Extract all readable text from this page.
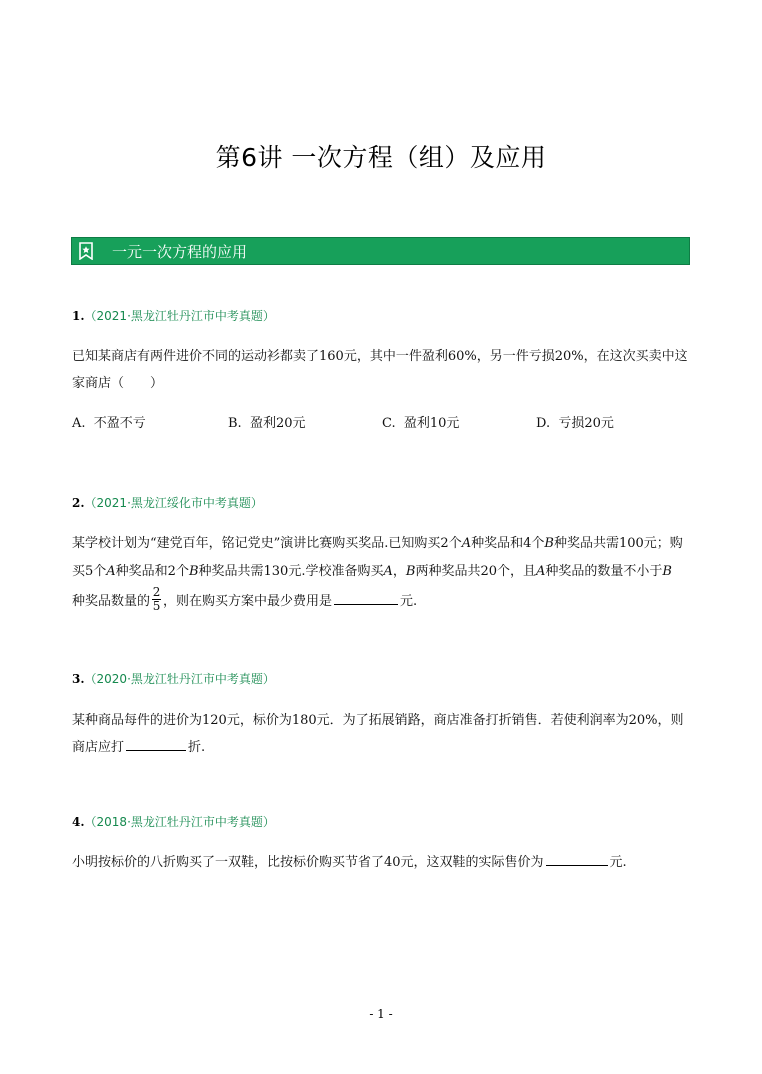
第6讲 一次方程（组）及应用
一元一次方程的应用
1.（2021·黑龙江牡丹江市中考真题）
已知某商店有两件进价不同的运动衫都卖了160元，其中一件盈利60%，另一件亏损20%，在这次买卖中这
家商店（　　）
A. 不盈不亏	B. 盈利20元	C. 盈利10元	D. 亏损20元
2.（2021·黑龙江绥化市中考真题）
某学校计划为“建党百年，铭记党史”演讲比赛购买奖品.已知购买2个A种奖品和4个B种奖品共需100元；购
买5个A种奖品和2个B种奖品共需130元.学校准备购买A，B两种奖品共20个，且A种奖品的数量不小于B
种奖品数量的 $\frac{2}{5}$ ，则在购买方案中最少费用是	元.
3.（2020·黑龙江牡丹江市中考真题）
某种商品每件的进价为120元，标价为180元．为了拓展销路，商店准备打折销售．若使利润率为20%，则
商店应打	折.
4.（2018·黑龙江牡丹江市中考真题）
小明按标价的八折购买了一双鞋，比按标价购买节省了40元，这双鞋的实际售价为	元.
- 1 -
